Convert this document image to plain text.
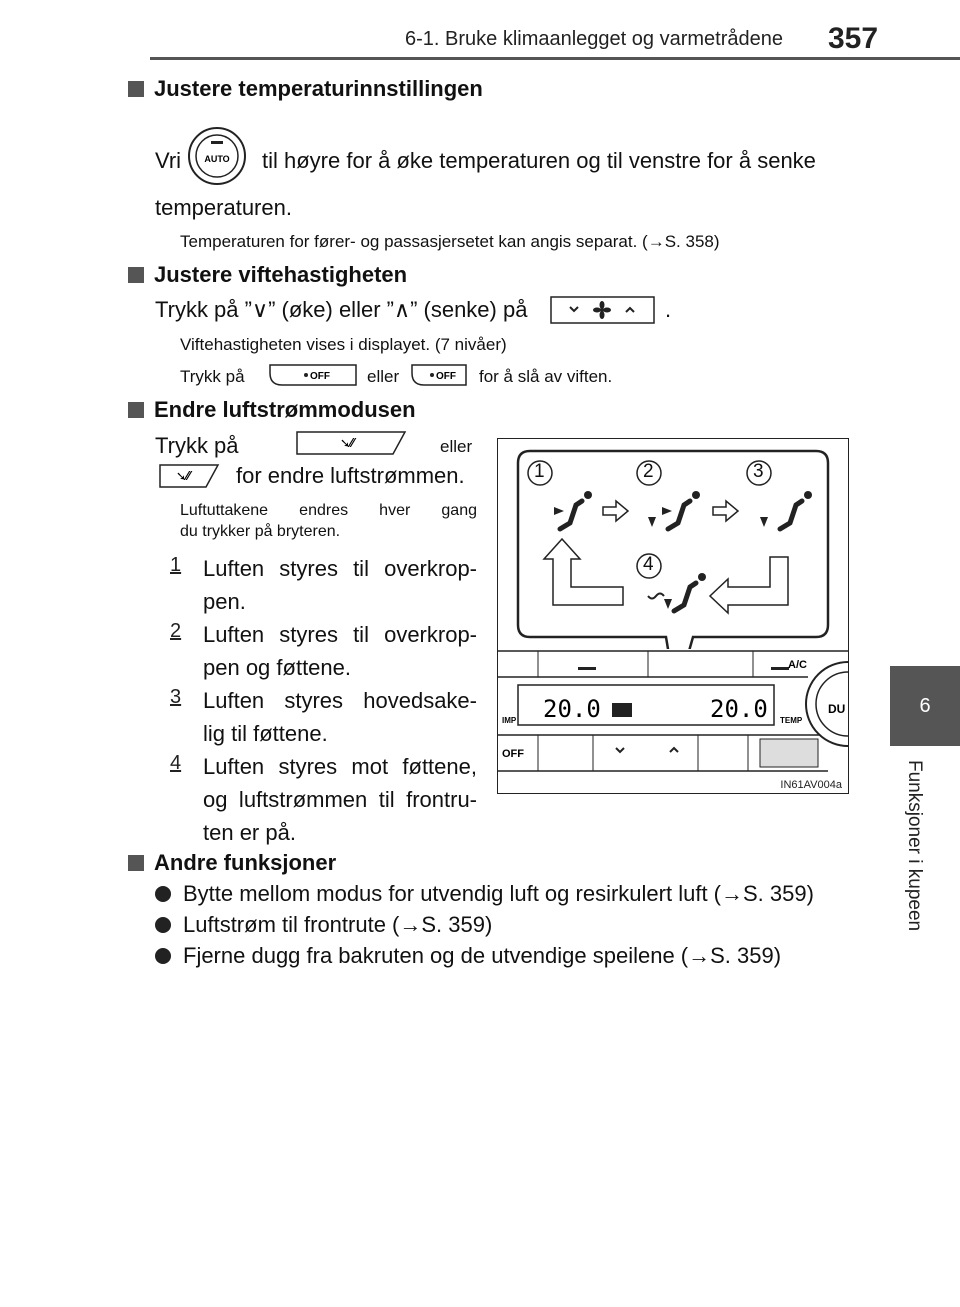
6-1. Bruke klimaanlegget og varmetrådene 357
6
Funksjoner i kupeen
Justere temperaturinnstillingen
Vri	AUTO til høyre for å øke temperaturen og til venstre for å senke
temperaturen.
Temperaturen for fører- og passasjersetet kan angis separat. (→S. 358)
Justere viftehastigheten
Trykk på ”∨” (øke) eller ”∧” (senke) på	.
Viftehastigheten vises i displayet. (7 nivåer)
Trykk på	OFF eller	OFF for å slå av viften.
Endre luftstrømmodusen
Trykk på	➘⁄⁄	eller
➘⁄⁄ for endre luftstrømmen.
Luftuttakene endres hver gang
du trykker på bryteren.
1 Luften styres til overkrop-
pen.
2 Luften styres til overkrop-
pen og føttene.
3 Luften styres hovedsake-
lig til føttene.
4 Luften styres mot føttene,
og luftstrømmen til frontru-
ten er på.
20.0	20.0
IMP	TEMP
A/C
OFF
DU
1	2	3
4
IN61AV004a
Andre funksjoner
Bytte mellom modus for utvendig luft og resirkulert luft (→S. 359)
Luftstrøm til frontrute (→S. 359)
Fjerne dugg fra bakruten og de utvendige speilene (→S. 359)
